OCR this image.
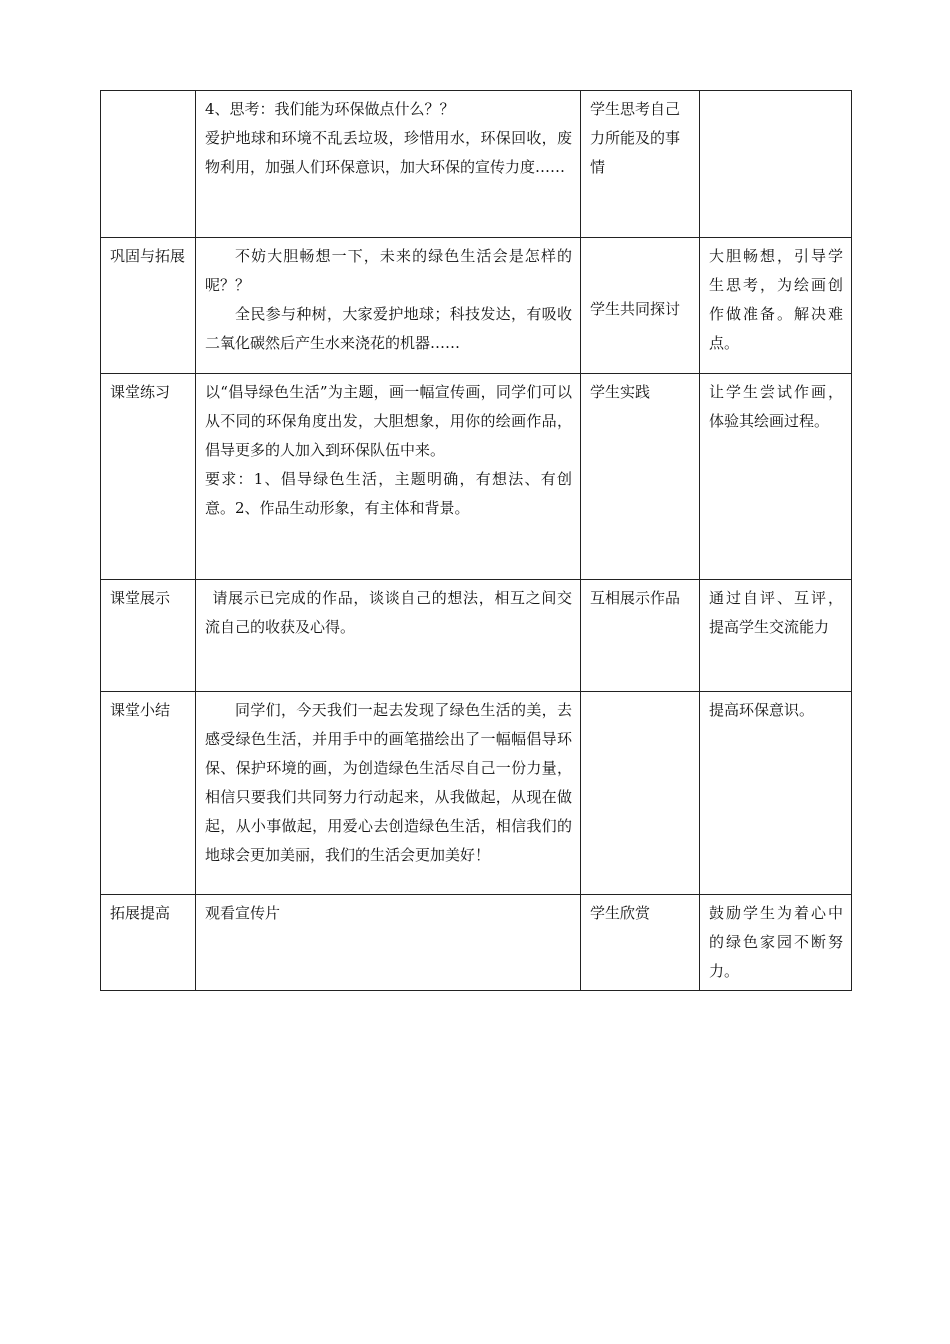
	4、思考：我们能为环保做点什么？？
爱护地球和环境不乱丢垃圾，珍惜用水，环保回收，废物利用，加强人们环保意识，加大环保的宣传力度……	学生思考自己力所能及的事情	
巩固与拓展	不妨大胆畅想一下，未来的绿色生活会是怎样的呢？？
全民参与种树，大家爱护地球；科技发达，有吸收二氧化碳然后产生水来浇花的机器……	学生共同探讨	大胆畅想，引导学生思考，为绘画创作做准备。解决难点。
课堂练习	以“倡导绿色生活”为主题，画一幅宣传画，同学们可以从不同的环保角度出发，大胆想象，用你的绘画作品，倡导更多的人加入到环保队伍中来。
要求：1、倡导绿色生活，主题明确，有想法、有创意。2、作品生动形象，有主体和背景。	学生实践	让学生尝试作画，体验其绘画过程。
课堂展示	请展示已完成的作品，谈谈自己的想法，相互之间交流自己的收获及心得。	互相展示作品	通过自评、互评，提高学生交流能力
课堂小结	同学们，今天我们一起去发现了绿色生活的美，去感受绿色生活，并用手中的画笔描绘出了一幅幅倡导环保、保护环境的画，为创造绿色生活尽自己一份力量，相信只要我们共同努力行动起来，从我做起，从现在做起，从小事做起，用爱心去创造绿色生活，相信我们的地球会更加美丽，我们的生活会更加美好！		提高环保意识。
拓展提高	观看宣传片	学生欣赏	鼓励学生为着心中的绿色家园不断努力。
